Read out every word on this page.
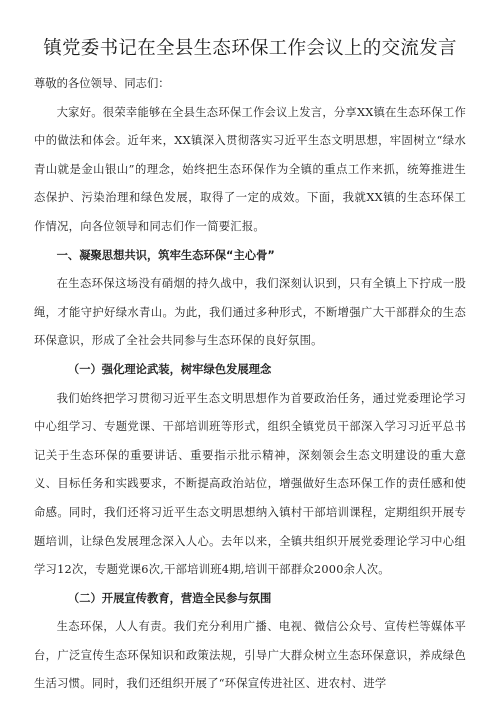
镇党委书记在全县生态环保工作会议上的交流发言

尊敬的各位领导、同志们：

大家好。很荣幸能够在全县生态环保工作会议上发言，分享XX镇在生态环保工作中的做法和体会。近年来，XX镇深入贯彻落实习近平生态文明思想，牢固树立“绿水青山就是金山银山”的理念，始终把生态环保作为全镇的重点工作来抓，统筹推进生态保护、污染治理和绿色发展，取得了一定的成效。下面，我就XX镇的生态环保工作情况，向各位领导和同志们作一简要汇报。

一、凝聚思想共识，筑牢生态环保“主心骨”

在生态环保这场没有硝烟的持久战中，我们深刻认识到，只有全镇上下拧成一股绳，才能守护好绿水青山。为此，我们通过多种形式，不断增强广大干部群众的生态环保意识，形成了全社会共同参与生态环保的良好氛围。

（一）强化理论武装，树牢绿色发展理念

我们始终把学习贯彻习近平生态文明思想作为首要政治任务，通过党委理论学习中心组学习、专题党课、干部培训班等形式，组织全镇党员干部深入学习习近平总书记关于生态环保的重要讲话、重要指示批示精神，深刻领会生态文明建设的重大意义、目标任务和实践要求，不断提高政治站位，增强做好生态环保工作的责任感和使命感。同时，我们还将习近平生态文明思想纳入镇村干部培训课程，定期组织开展专题培训，让绿色发展理念深入人心。去年以来，全镇共组织开展党委理论学习中心组学习12次，专题党课6次,干部培训班4期,培训干部群众2000余人次。

（二）开展宣传教育，营造全民参与氛围

生态环保，人人有责。我们充分利用广播、电视、微信公众号、宣传栏等媒体平台，广泛宣传生态环保知识和政策法规，引导广大群众树立生态环保意识，养成绿色生活习惯。同时，我们还组织开展了“环保宣传进社区、进农村、进学
